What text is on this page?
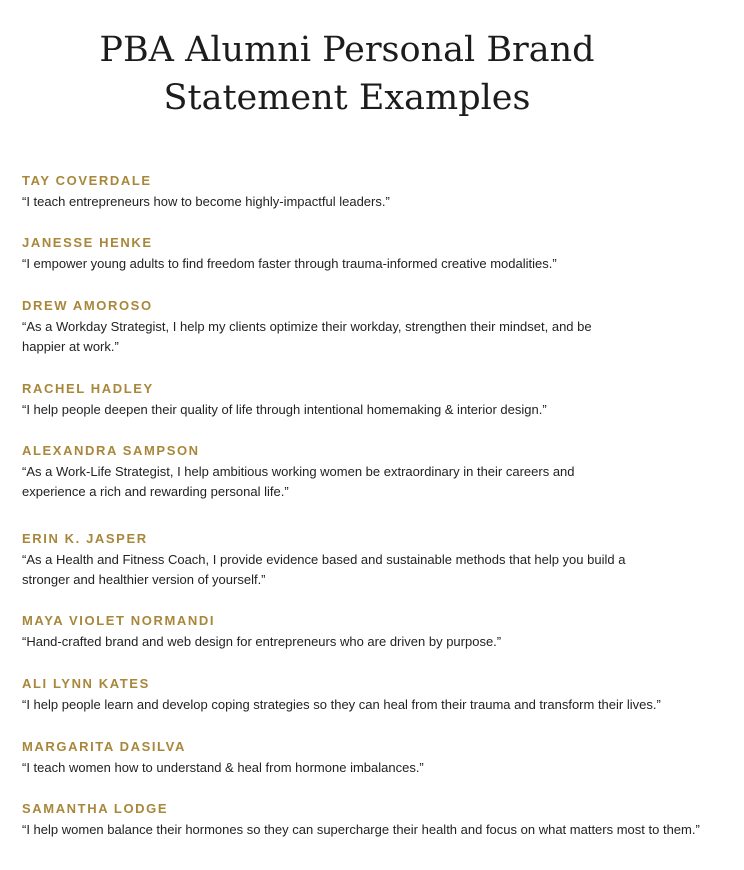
PBA Alumni Personal Brand
Statement Examples
TAY COVERDALE
“I teach entrepreneurs how to become highly-impactful leaders.”
JANESSE HENKE
“I empower young adults to find freedom faster through trauma-informed creative modalities.”
DREW AMOROSO
“As a Workday Strategist, I help my clients optimize their workday, strengthen their mindset, and be happier at work.”
RACHEL HADLEY
“I help people deepen their quality of life through intentional homemaking & interior design.”
ALEXANDRA SAMPSON
“As a Work-Life Strategist, I help ambitious working women be extraordinary in their careers and experience a rich and rewarding personal life.”
ERIN K. JASPER
“As a Health and Fitness Coach, I provide evidence based and sustainable methods that help you build a stronger and healthier version of yourself.”
MAYA VIOLET NORMANDI
“Hand-crafted brand and web design for entrepreneurs who are driven by purpose.”
ALI LYNN KATES
“I help people learn and develop coping strategies so they can heal from their trauma and transform their lives.”
MARGARITA DASILVA
“I teach women how to understand & heal from hormone imbalances.”
SAMANTHA LODGE
“I help women balance their hormones so they can supercharge their health and focus on what matters most to them.”
